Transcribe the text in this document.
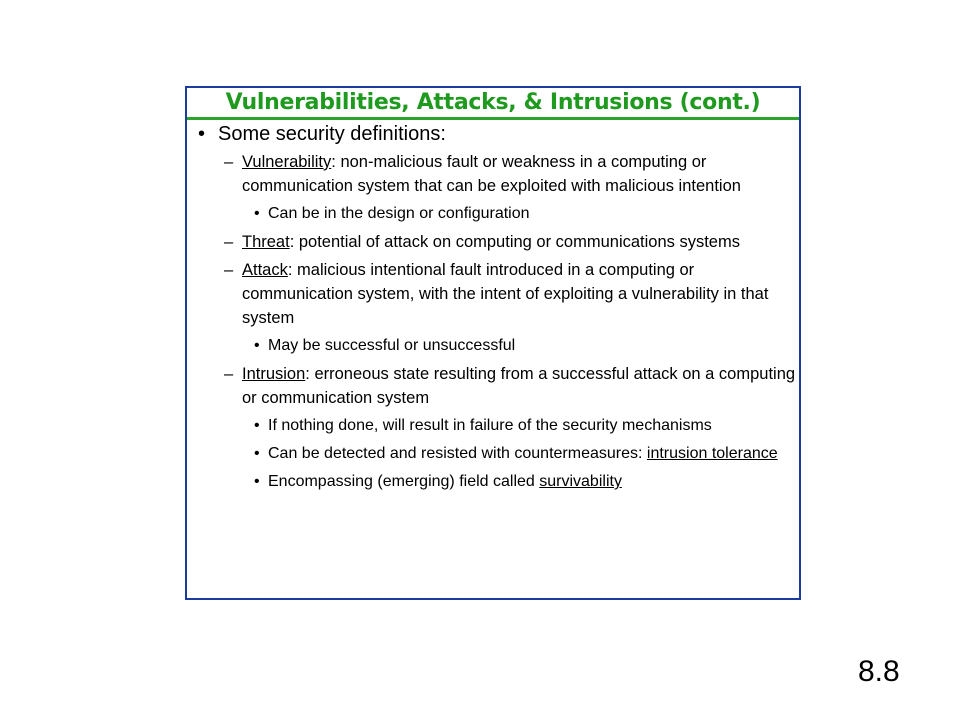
Vulnerabilities, Attacks, & Intrusions (cont.)
• Some security definitions:
– Vulnerability: non-malicious fault or weakness in a computing or communication system that can be exploited with malicious intention
• Can be in the design or configuration
– Threat: potential of attack on computing or communications systems
– Attack: malicious intentional fault introduced in a computing or communication system, with the intent of exploiting a vulnerability in that system
• May be successful or unsuccessful
– Intrusion: erroneous state resulting from a successful attack on a computing or communication system
• If nothing done, will result in failure of the security mechanisms
• Can be detected and resisted with countermeasures: intrusion tolerance
• Encompassing (emerging) field called survivability
8.8
